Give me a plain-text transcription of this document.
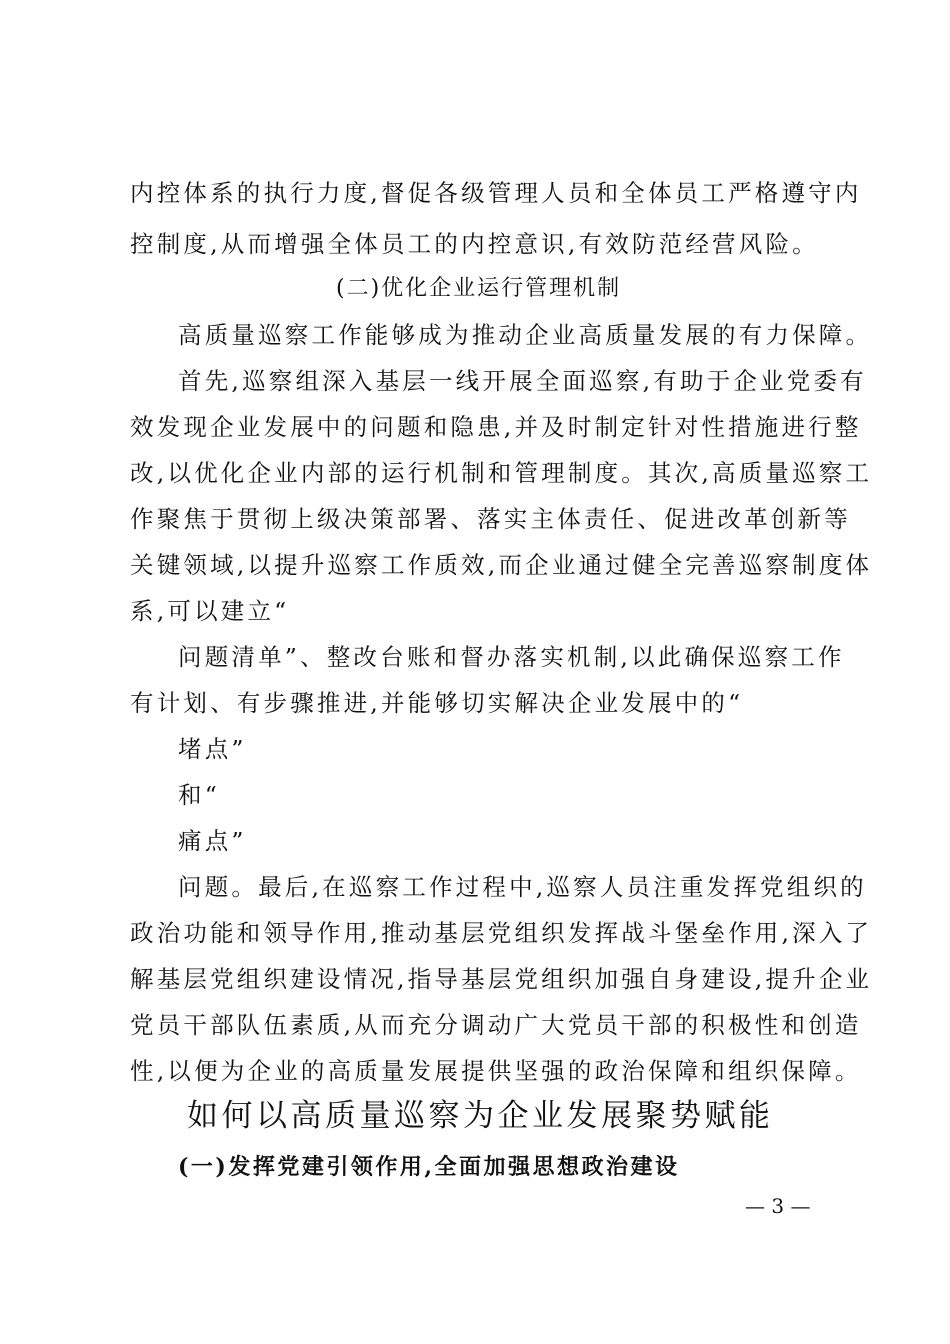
内控体系的执行力度,督促各级管理人员和全体员工严格遵守内
控制度,从而增强全体员工的内控意识,有效防范经营风险。
(二)优化企业运行管理机制
高质量巡察工作能够成为推动企业高质量发展的有力保障。
首先,巡察组深入基层一线开展全面巡察,有助于企业党委有
效发现企业发展中的问题和隐患,并及时制定针对性措施进行整
改,以优化企业内部的运行机制和管理制度。其次,高质量巡察工
作聚焦于贯彻上级决策部署、落实主体责任、促进改革创新等
关键领域,以提升巡察工作质效,而企业通过健全完善巡察制度体
系,可以建立“
问题清单”、整改台账和督办落实机制,以此确保巡察工作
有计划、有步骤推进,并能够切实解决企业发展中的“
堵点”
和“
痛点”
问题。最后,在巡察工作过程中,巡察人员注重发挥党组织的
政治功能和领导作用,推动基层党组织发挥战斗堡垒作用,深入了
解基层党组织建设情况,指导基层党组织加强自身建设,提升企业
党员干部队伍素质,从而充分调动广大党员干部的积极性和创造
性,以便为企业的高质量发展提供坚强的政治保障和组织保障。
如何以高质量巡察为企业发展聚势赋能
(一)发挥党建引领作用,全面加强思想政治建设
— 3 —
